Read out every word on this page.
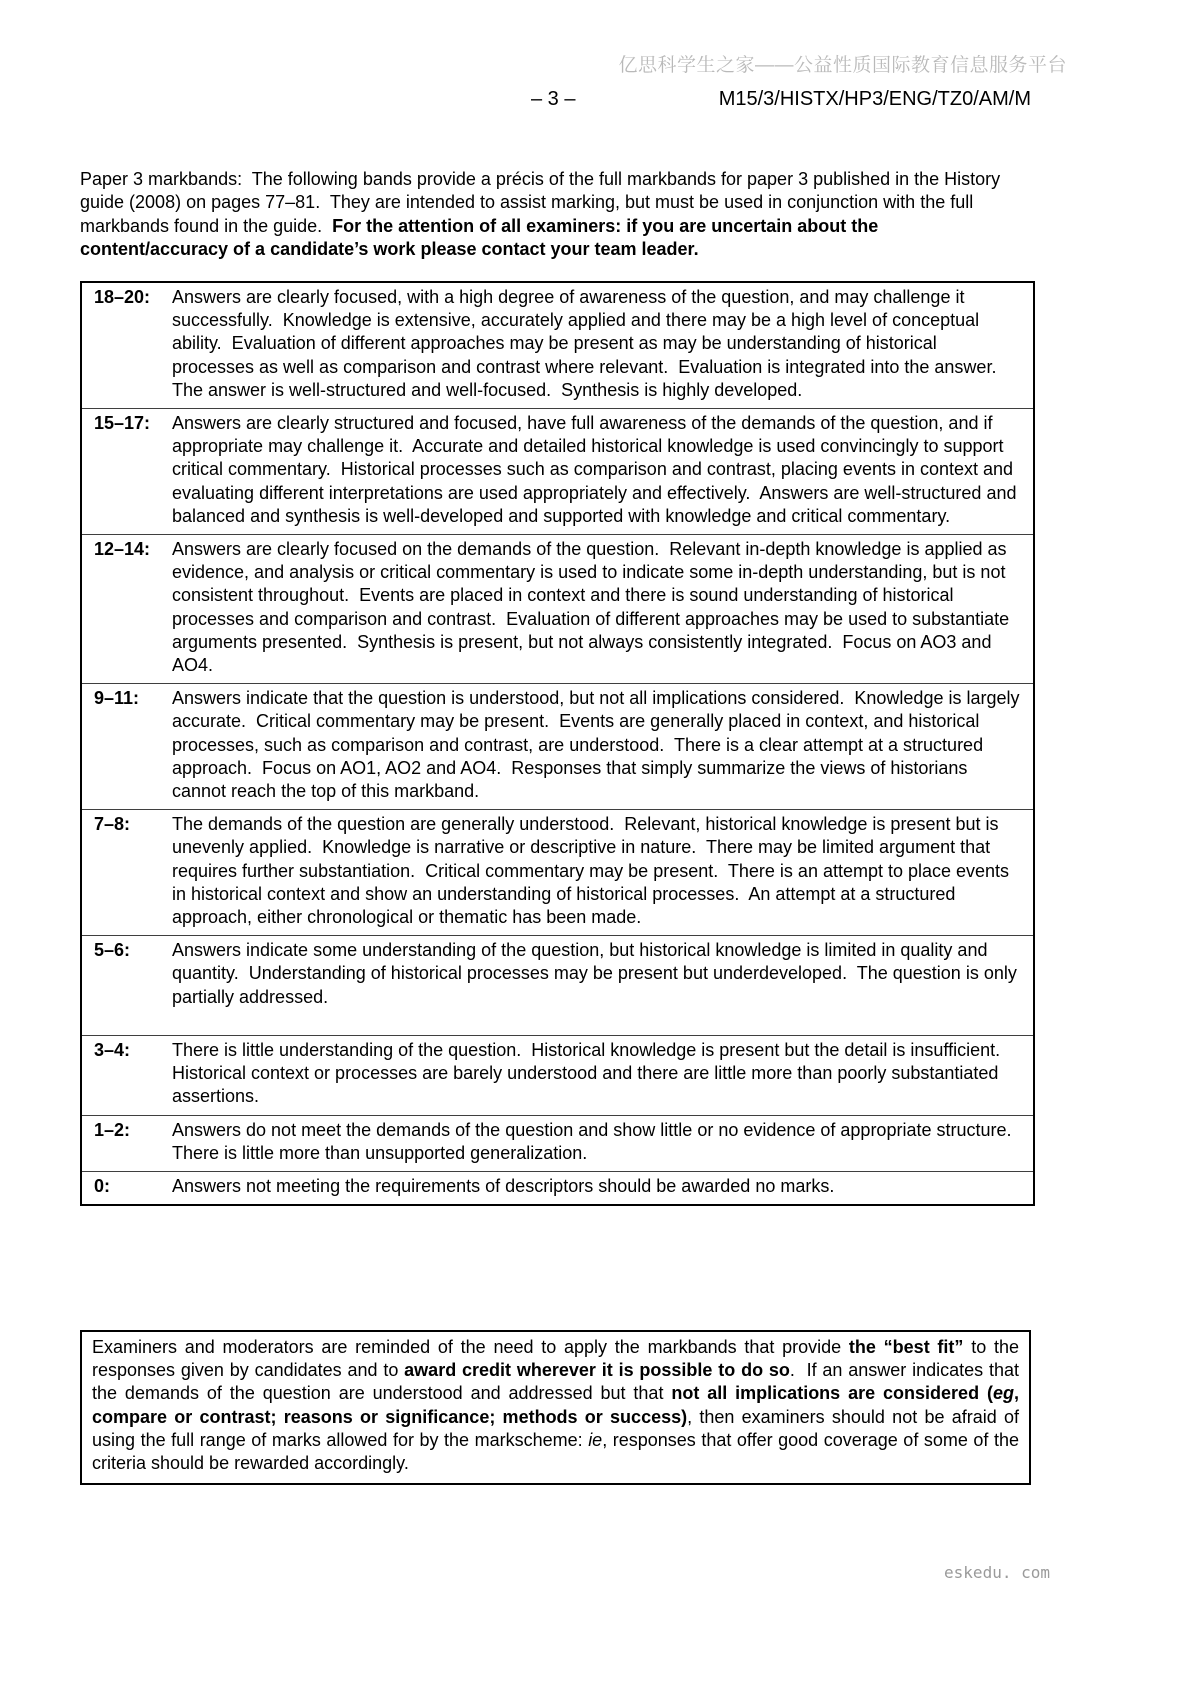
亿思科学生之家——公益性质国际教育信息服务平台
– 3 –	M15/3/HISTX/HP3/ENG/TZ0/AM/M

Paper 3 markbands:  The following bands provide a précis of the full markbands for paper 3 published in the History guide (2008) on pages 77–81.  They are intended to assist marking, but must be used in conjunction with the full markbands found in the guide.  For the attention of all examiners: if you are uncertain about the content/accuracy of a candidate’s work please contact your team leader.

18–20:	Answers are clearly focused, with a high degree of awareness of the question, and may challenge it successfully.  Knowledge is extensive, accurately applied and there may be a high level of conceptual ability.  Evaluation of different approaches may be present as may be understanding of historical processes as well as comparison and contrast where relevant.  Evaluation is integrated into the answer.  The answer is well-structured and well-focused.  Synthesis is highly developed.
15–17:	Answers are clearly structured and focused, have full awareness of the demands of the question, and if appropriate may challenge it.  Accurate and detailed historical knowledge is used convincingly to support critical commentary.  Historical processes such as comparison and contrast, placing events in context and evaluating different interpretations are used appropriately and effectively.  Answers are well-structured and balanced and synthesis is well-developed and supported with knowledge and critical commentary.
12–14:	Answers are clearly focused on the demands of the question.  Relevant in-depth knowledge is applied as evidence, and analysis or critical commentary is used to indicate some in-depth understanding, but is not consistent throughout.  Events are placed in context and there is sound understanding of historical processes and comparison and contrast.  Evaluation of different approaches may be used to substantiate arguments presented.  Synthesis is present, but not always consistently integrated.  Focus on AO3 and AO4.
9–11:	Answers indicate that the question is understood, but not all implications considered.  Knowledge is largely accurate.  Critical commentary may be present.  Events are generally placed in context, and historical processes, such as comparison and contrast, are understood.  There is a clear attempt at a structured approach.  Focus on AO1, AO2 and AO4.  Responses that simply summarize the views of historians cannot reach the top of this markband.
7–8:	The demands of the question are generally understood.  Relevant, historical knowledge is present but is unevenly applied.  Knowledge is narrative or descriptive in nature.  There may be limited argument that requires further substantiation.  Critical commentary may be present.  There is an attempt to place events in historical context and show an understanding of historical processes.  An attempt at a structured approach, either chronological or thematic has been made.
5–6:	Answers indicate some understanding of the question, but historical knowledge is limited in quality and quantity.  Understanding of historical processes may be present but underdeveloped.  The question is only partially addressed.
3–4:	There is little understanding of the question.  Historical knowledge is present but the detail is insufficient.  Historical context or processes are barely understood and there are little more than poorly substantiated assertions.
1–2:	Answers do not meet the demands of the question and show little or no evidence of appropriate structure.  There is little more than unsupported generalization.
0:	Answers not meeting the requirements of descriptors should be awarded no marks.
Examiners and moderators are reminded of the need to apply the markbands that provide the “best fit” to the responses given by candidates and to award credit wherever it is possible to do so.  If an answer indicates that the demands of the question are understood and addressed but that not all implications are considered (eg, compare or contrast; reasons or significance; methods or success), then examiners should not be afraid of using the full range of marks allowed for by the markscheme: ie, responses that offer good coverage of some of the criteria should be rewarded accordingly.
eskedu. com
